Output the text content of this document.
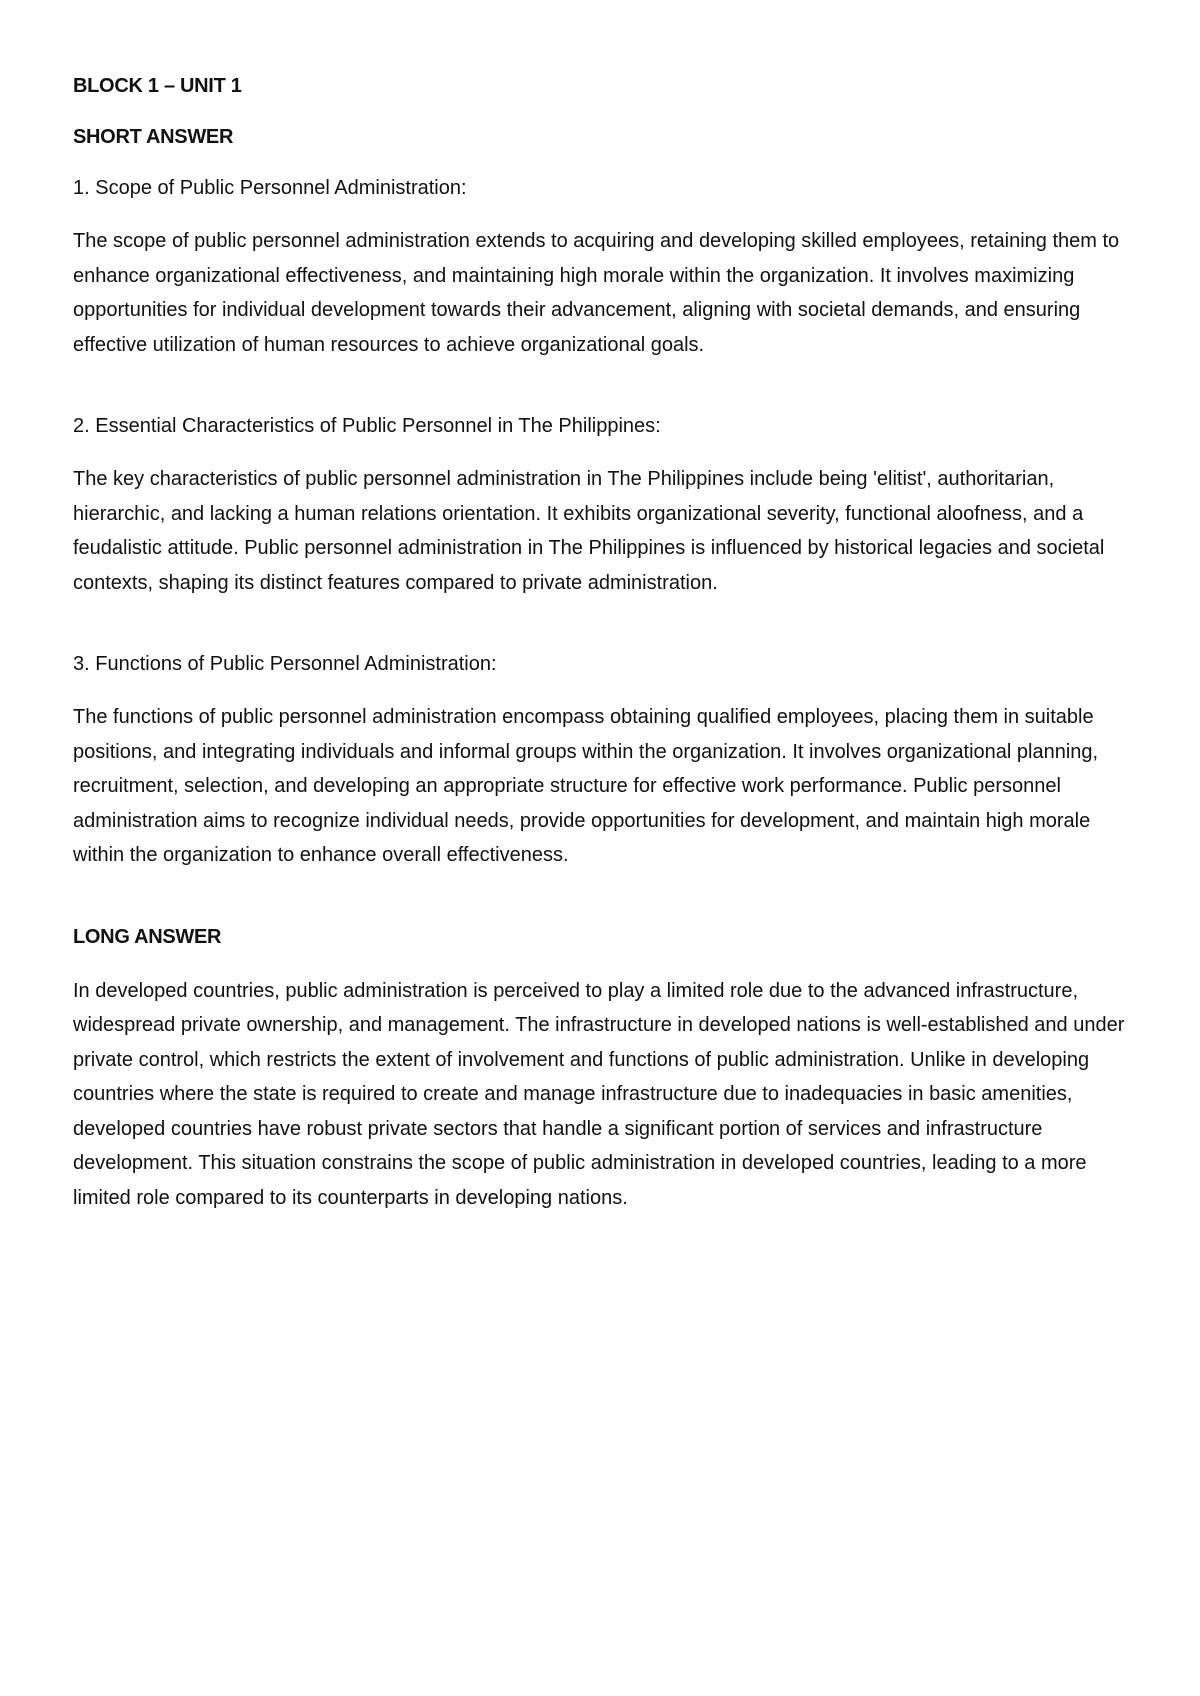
BLOCK 1 – UNIT 1
SHORT ANSWER
1. Scope of Public Personnel Administration:

The scope of public personnel administration extends to acquiring and developing skilled employees, retaining them to enhance organizational effectiveness, and maintaining high morale within the organization. It involves maximizing opportunities for individual development towards their advancement, aligning with societal demands, and ensuring effective utilization of human resources to achieve organizational goals.

2. Essential Characteristics of Public Personnel in The Philippines:

The key characteristics of public personnel administration in The Philippines include being 'elitist', authoritarian, hierarchic, and lacking a human relations orientation. It exhibits organizational severity, functional aloofness, and a feudalistic attitude. Public personnel administration in The Philippines is influenced by historical legacies and societal contexts, shaping its distinct features compared to private administration.

3. Functions of Public Personnel Administration:

The functions of public personnel administration encompass obtaining qualified employees, placing them in suitable positions, and integrating individuals and informal groups within the organization. It involves organizational planning, recruitment, selection, and developing an appropriate structure for effective work performance. Public personnel administration aims to recognize individual needs, provide opportunities for development, and maintain high morale within the organization to enhance overall effectiveness.

LONG ANSWER

In developed countries, public administration is perceived to play a limited role due to the advanced infrastructure, widespread private ownership, and management. The infrastructure in developed nations is well-established and under private control, which restricts the extent of involvement and functions of public administration. Unlike in developing countries where the state is required to create and manage infrastructure due to inadequacies in basic amenities, developed countries have robust private sectors that handle a significant portion of services and infrastructure development. This situation constrains the scope of public administration in developed countries, leading to a more limited role compared to its counterparts in developing nations.
